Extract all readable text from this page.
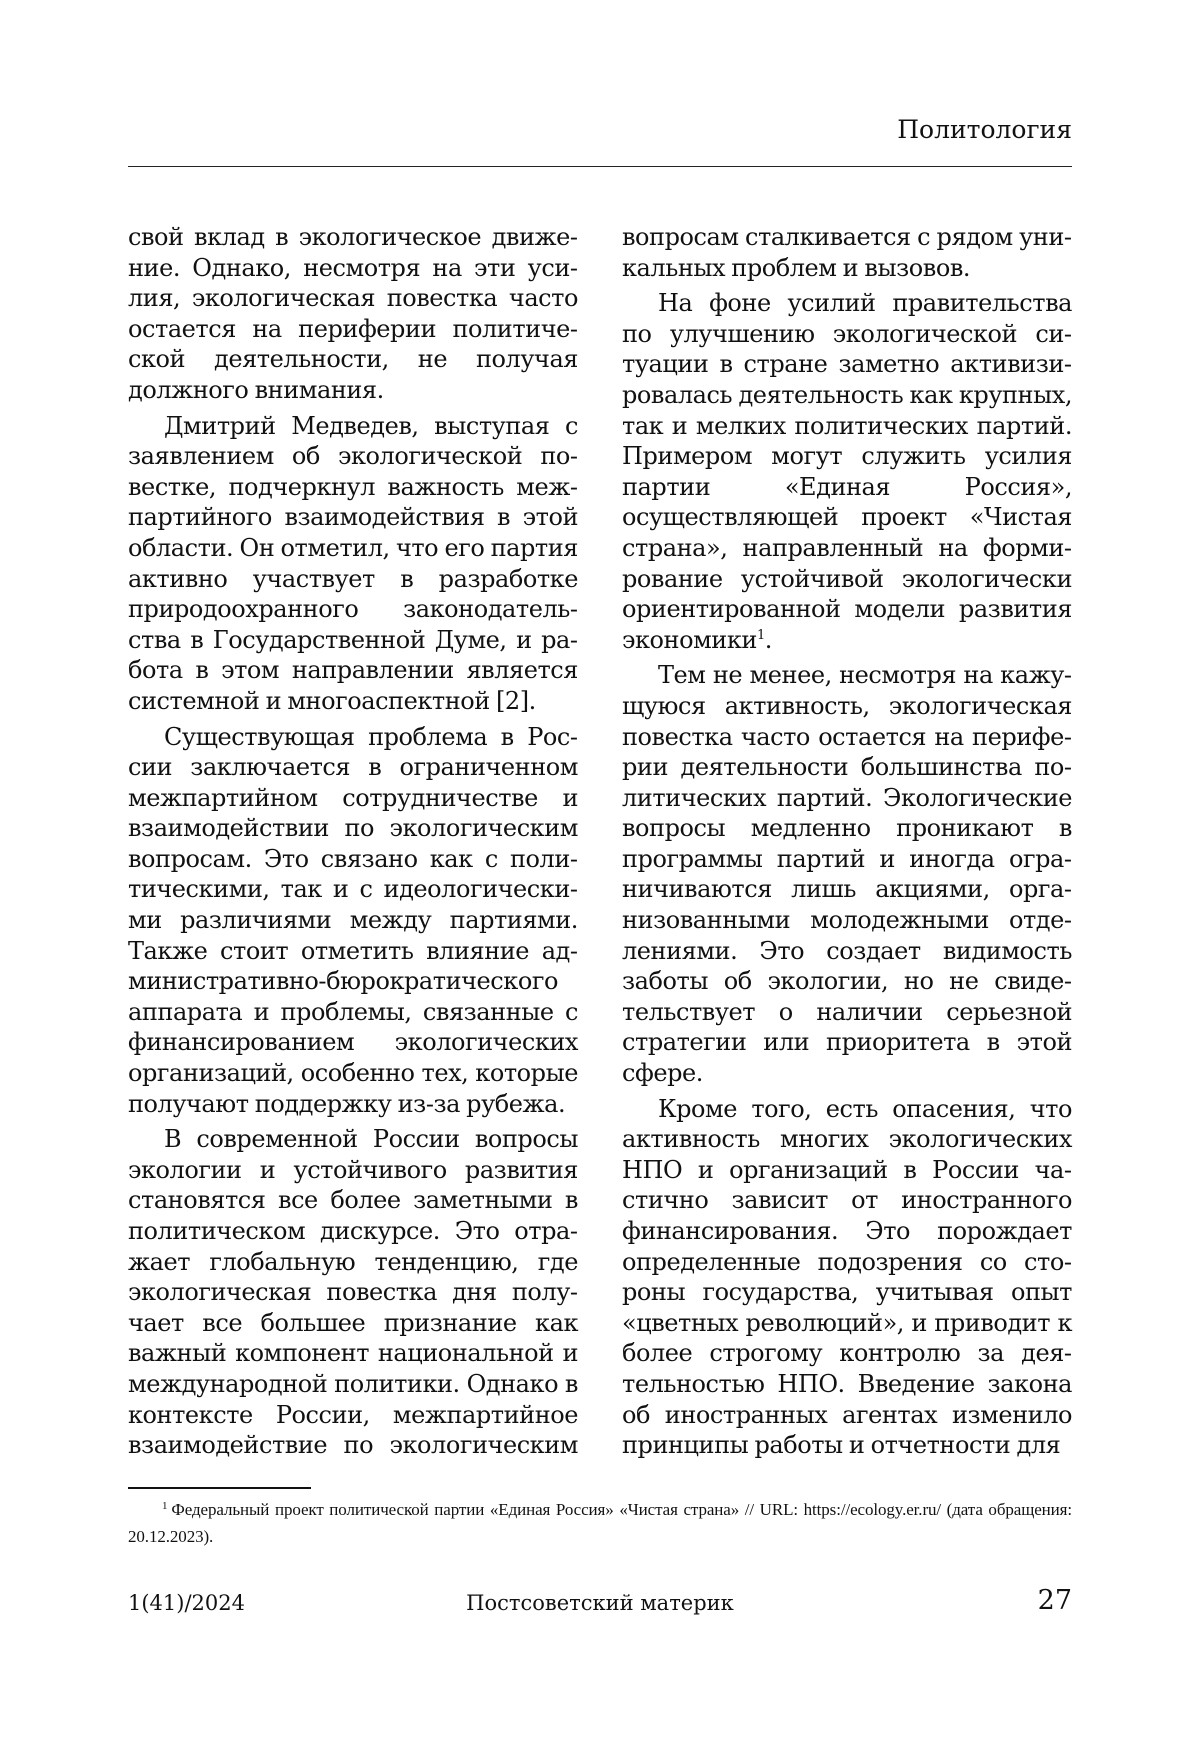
Политология

свой вклад в экологическое движение. Однако, несмотря на эти усилия, экологическая повестка часто остается на периферии политической деятельности, не получая должного внимания.

Дмитрий Медведев, выступая с заявлением об экологической повестке, подчеркнул важность межпартийного взаимодействия в этой области. Он отметил, что его партия активно участвует в разработке природоохранного законодательства в Государственной Думе, и работа в этом направлении является системной и многоаспектной [2].

Существующая проблема в России заключается в ограниченном межпартийном сотрудничестве и взаимодействии по экологическим вопросам. Это связано как с политическими, так и с идеологическими различиями между партиями. Также стоит отметить влияние административно-бюрократического аппарата и проблемы, связанные с финансированием экологических организаций, особенно тех, которые получают поддержку из-за рубежа.

В современной России вопросы экологии и устойчивого развития становятся все более заметными в политическом дискурсе. Это отражает глобальную тенденцию, где экологическая повестка дня получает все большее признание как важный компонент национальной и международной политики. Однако в контексте России, межпартийное взаимодействие по экологическим вопросам сталкивается с рядом уникальных проблем и вызовов.

На фоне усилий правительства по улучшению экологической ситуации в стране заметно активизировалась деятельность как крупных, так и мелких политических партий. Примером могут служить усилия партии «Единая Россия», осуществляющей проект «Чистая страна», направленный на формирование устойчивой экологически ориентированной модели развития экономики$^1$.

Тем не менее, несмотря на кажущуюся активность, экологическая повестка часто остается на периферии деятельности большинства политических партий. Экологические вопросы медленно проникают в программы партий и иногда ограничиваются лишь акциями, организованными молодежными отделениями. Это создает видимость заботы об экологии, но не свидетельствует о наличии серьезной стратегии или приоритета в этой сфере.

Кроме того, есть опасения, что активность многих экологических НПО и организаций в России частично зависит от иностранного финансирования. Это порождает определенные подозрения со стороны государства, учитывая опыт «цветных революций», и приводит к более строгому контролю за деятельностью НПО. Введение закона об иностранных агентах изменило принципы работы и отчетности для

$^1$ Федеральный проект политической партии «Единая Россия» «Чистая страна» // URL: https://ecology.er.ru/ (дата обращения: 20.12.2023).
1(41)/2024	Постсоветский материк	27
